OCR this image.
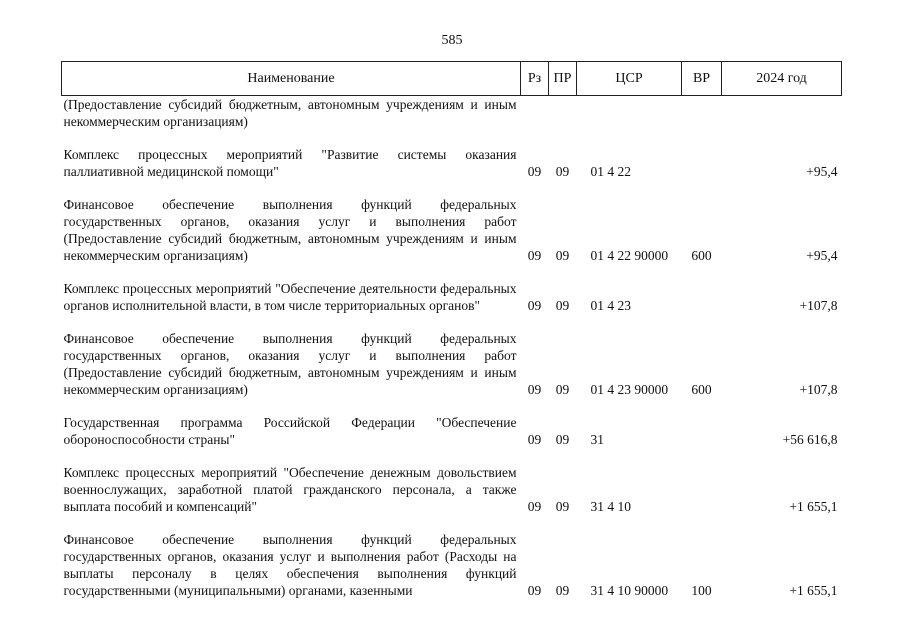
585
Наименование	Рз	ПР	ЦСР	ВР	2024 год
(Предоставление субсидий бюджетным, автономным учреждениям и иным некоммерческим организациям)					

Комплекс процессных мероприятий "Развитие системы оказания паллиативной медицинской помощи"	09	09	01 4 22		+95,4

Финансовое обеспечение выполнения функций федеральных государственных органов, оказания услуг и выполнения работ (Предоставление субсидий бюджетным, автономным учреждениям и иным некоммерческим организациям)	09	09	01 4 22 90000	600	+95,4

Комплекс процессных мероприятий "Обеспечение деятельности федеральных органов исполнительной власти, в том числе территориальных органов"	09	09	01 4 23		+107,8

Финансовое обеспечение выполнения функций федеральных государственных органов, оказания услуг и выполнения работ (Предоставление субсидий бюджетным, автономным учреждениям и иным некоммерческим организациям)	09	09	01 4 23 90000	600	+107,8

Государственная программа Российской Федерации "Обеспечение обороноспособности страны"	09	09	31		+56 616,8

Комплекс процессных мероприятий "Обеспечение денежным довольствием военнослужащих, заработной платой гражданского персонала, а также выплата пособий и компенсаций"	09	09	31 4 10		+1 655,1

Финансовое обеспечение выполнения функций федеральных государственных органов, оказания услуг и выполнения работ (Расходы на выплаты персоналу в целях обеспечения выполнения функций государственными (муниципальными) органами, казенными	09	09	31 4 10 90000	100	+1 655,1
